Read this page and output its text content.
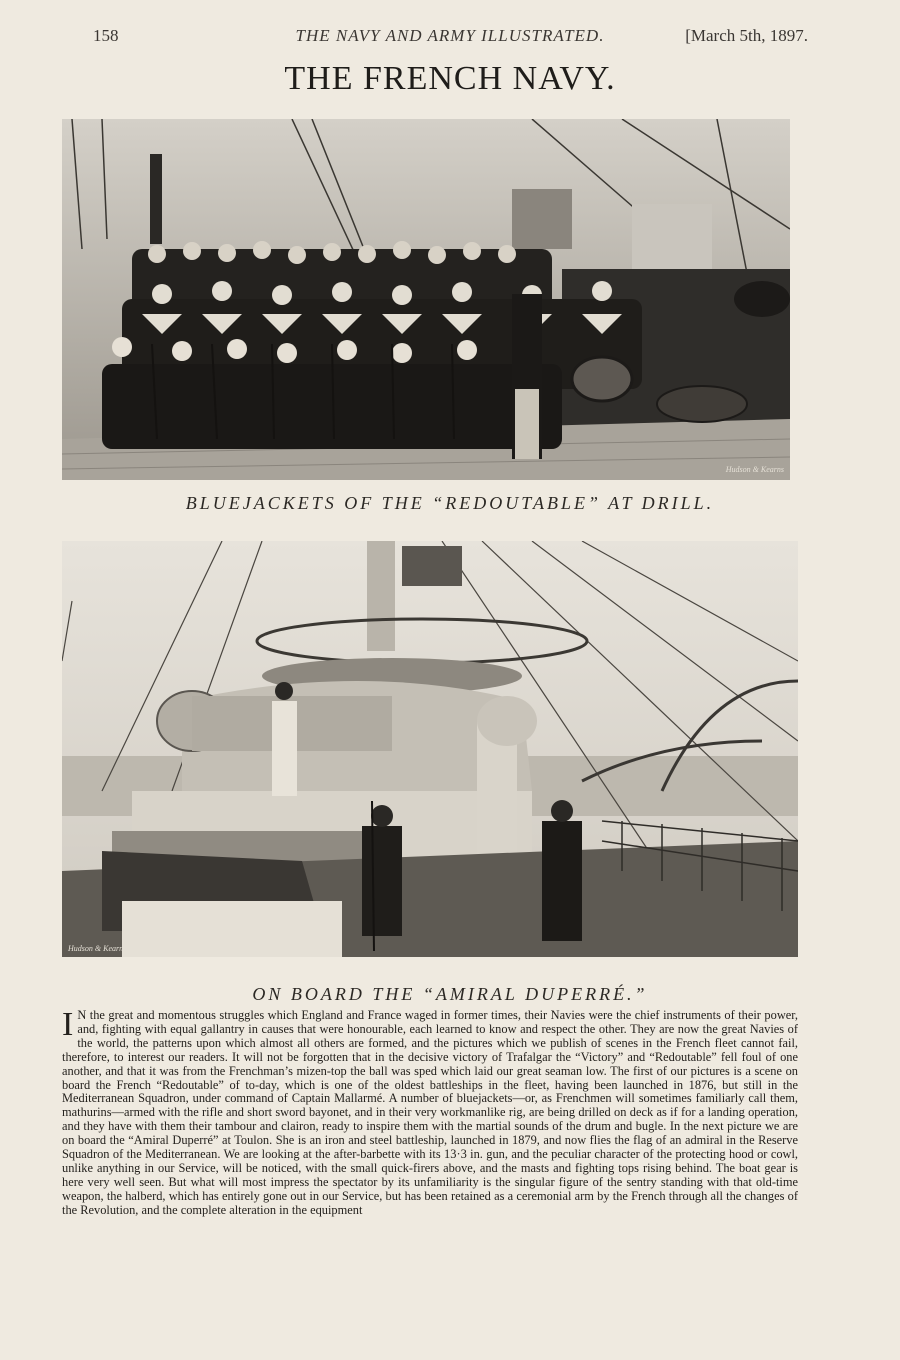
158	THE NAVY AND ARMY ILLUSTRATED.	[March 5th, 1897.
THE FRENCH NAVY.
Hudson & Kearns
BLUEJACKETS OF THE “REDOUTABLE” AT DRILL.
Hudson & Kearns
ON BOARD THE “AMIRAL DUPERRÉ.”

I N the great and momentous struggles which England and France waged in former times, their Navies were the chief instruments of their power, and, fighting with equal gallantry in causes that were honourable, each learned to know and respect the other. They are now the great Navies of the world, the patterns upon which almost all others are formed, and the pictures which we publish of scenes in the French fleet cannot fail, therefore, to interest our readers. It will not be forgotten that in the decisive victory of Trafalgar the “Victory” and “Redoutable” fell foul of one another, and that it was from the Frenchman’s mizen-top the ball was sped which laid our great seaman low. The first of our pictures is a scene on board the French “Redoutable” of to-day, which is one of the oldest battleships in the fleet, having been launched in 1876, but still in the Mediterranean Squadron, under command of Captain Mallarmé. A number of bluejackets—or, as Frenchmen will sometimes familiarly call them, mathurins—armed with the rifle and short sword bayonet, and in their very workmanlike rig, are being drilled on deck as if for a landing operation, and they have with them their tambour and clairon, ready to inspire them with the martial sounds of the drum and bugle. In the next picture we are on board the “Amiral Duperré” at Toulon. She is an iron and steel battleship, launched in 1879, and now flies the flag of an admiral in the Reserve Squadron of the Mediterranean. We are looking at the after-barbette with its 13·3 in. gun, and the peculiar character of the protecting hood or cowl, unlike anything in our Service, will be noticed, with the small quick-firers above, and the masts and fighting tops rising behind. The boat gear is here very well seen. But what will most impress the spectator by its unfamiliarity is the singular figure of the sentry standing with that old-time weapon, the halberd, which has entirely gone out in our Service, but has been retained as a ceremonial arm by the French through all the changes of the Revolution, and the complete alteration in the equipment
